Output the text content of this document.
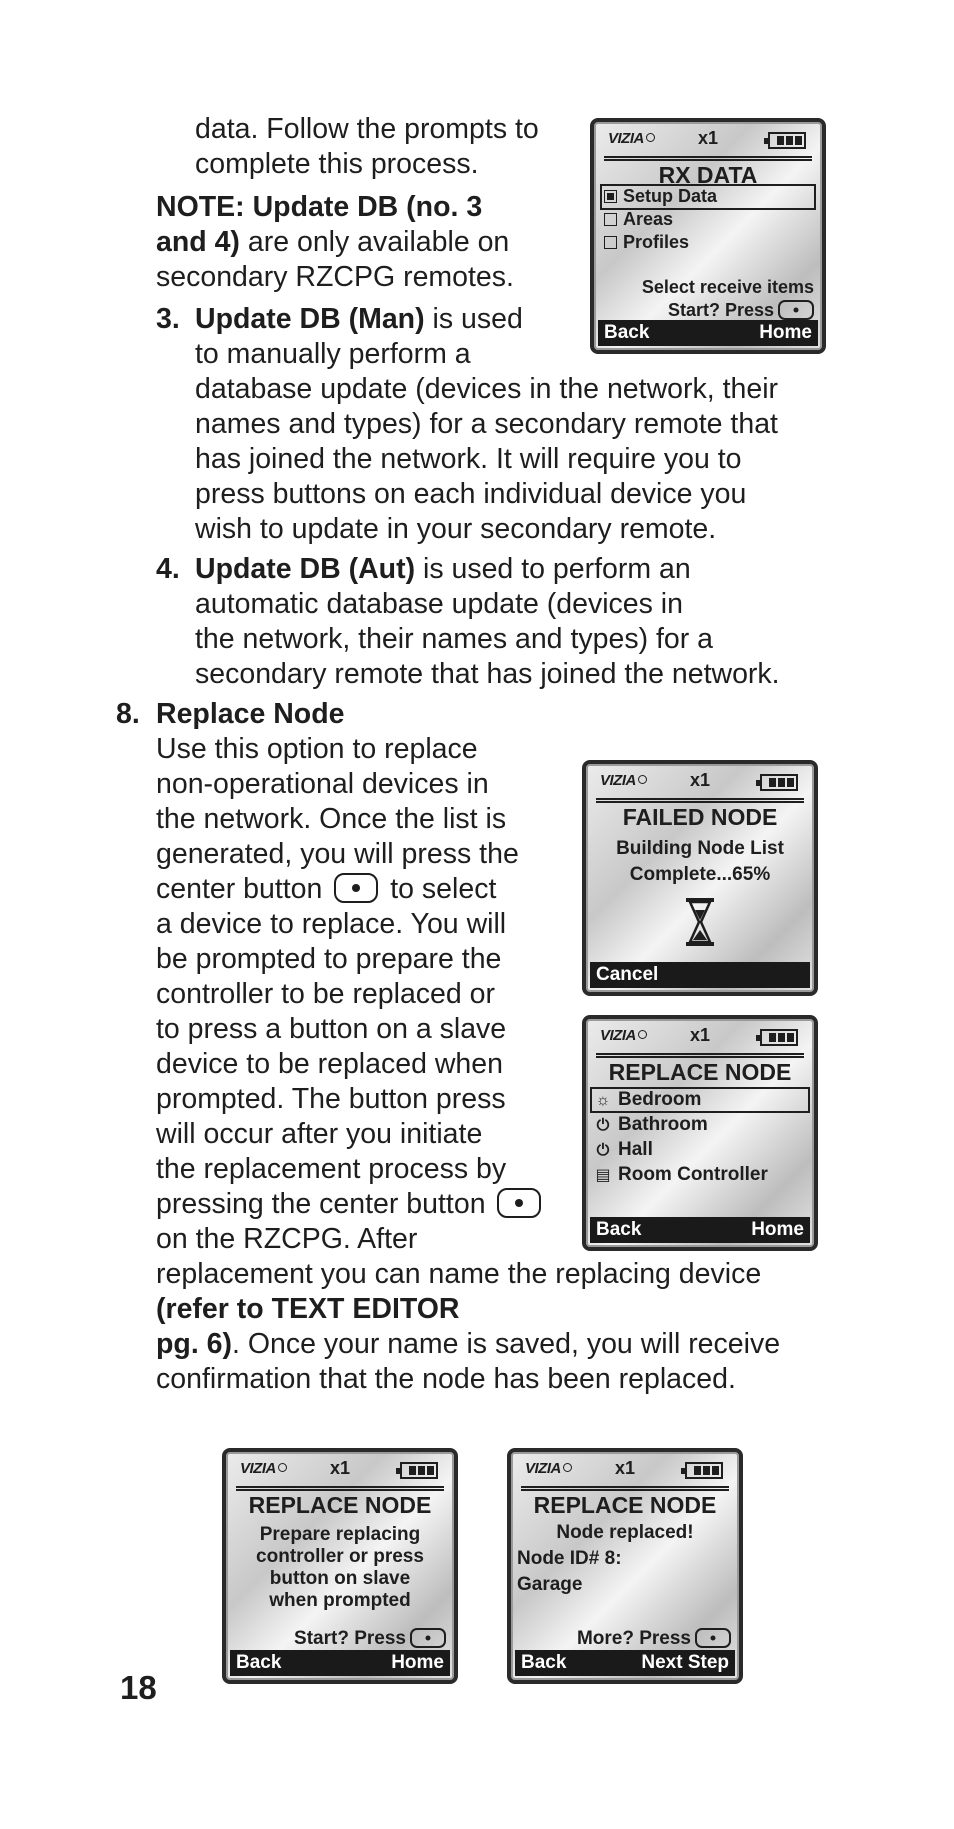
data. Follow the prompts to

complete this process.

NOTE: Update DB (no. 3

and 4) are only available on

secondary RZCPG remotes.

3. Update DB (Man) is used

to manually perform a

database update (devices in the network, their

names and types) for a secondary remote that

has joined the network. It will require you to

press buttons on each individual device you

wish to update in your secondary remote.

4. Update DB (Aut) is used to perform an

automatic database update (devices in

the network, their names and types) for a

secondary remote that has joined the network.

8. Replace Node

Use this option to replace

non-operational devices in

the network. Once the list is

generated, you will press the

center button to select

a device to replace. You will

be prompted to prepare the

controller to be replaced or

to press a button on a slave

device to be replaced when

prompted. The button press

will occur after you initiate

the replacement process by

pressing the center button

on the RZCPG. After

replacement you can name the replacing device

(refer to TEXT EDITOR

pg. 6). Once your name is saved, you will receive

confirmation that the node has been replaced.

18
VIZIA	x1
RX DATA
Setup Data
Areas
Profiles
Select receive items
Start? Press
Back	Home
VIZIA	x1
FAILED NODE
Building Node List
Complete...65%
Cancel
VIZIA	x1
REPLACE NODE
☼ Bedroom
⏻ Bathroom
⏻ Hall
▤ Room Controller
Back	Home
VIZIA	x1
REPLACE NODE
Prepare replacing
controller or press
button on slave
when prompted
Start? Press
Back	Home
VIZIA	x1
REPLACE NODE
Node replaced!
Node ID# 8:
Garage
More? Press
Back	Next Step
